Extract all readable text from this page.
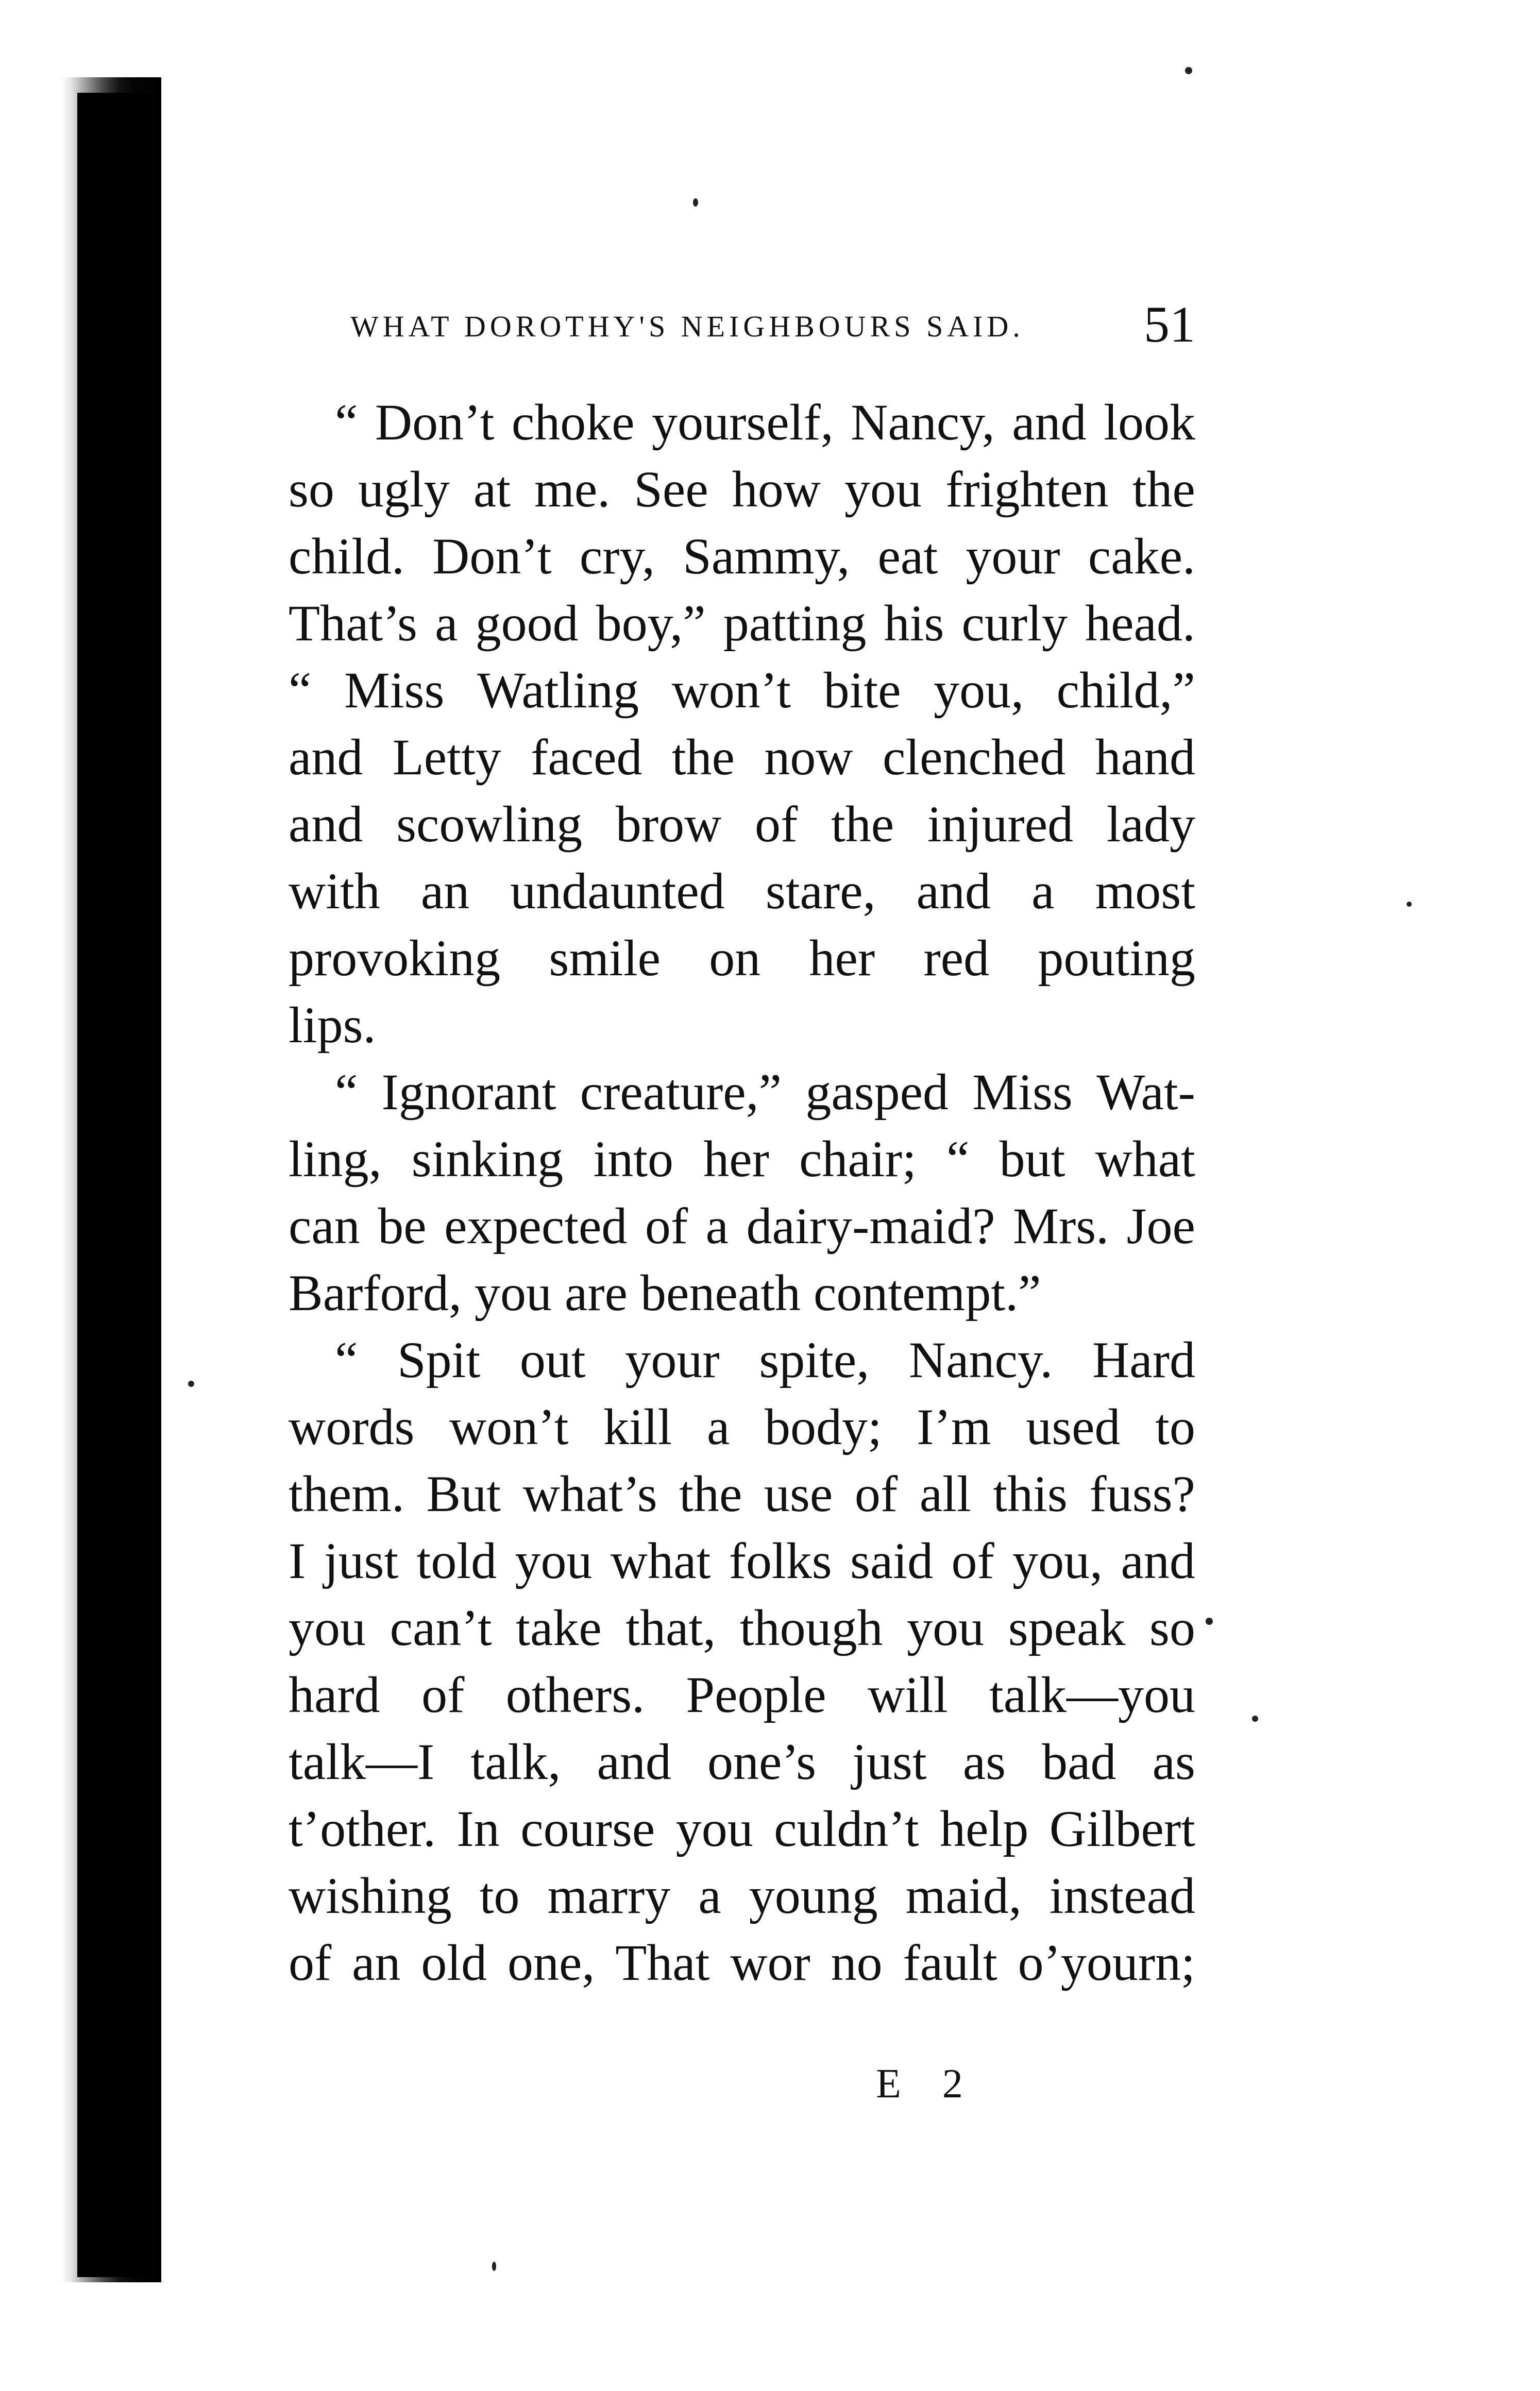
WHAT DOROTHY'S NEIGHBOURS SAID. 51
“ Don’t choke yourself, Nancy, and look
so ugly at me. See how you frighten the
child. Don’t cry, Sammy, eat your cake.
That’s a good boy,” patting his curly head.
“ Miss Watling won’t bite you, child,”
and Letty faced the now clenched hand
and scowling brow of the injured lady
with an undaunted stare, and a most
provoking smile on her red pouting
lips.
“ Ignorant creature,” gasped Miss Wat-
ling, sinking into her chair; “ but what
can be expected of a dairy-maid? Mrs. Joe
Barford, you are beneath contempt.”
“ Spit out your spite, Nancy. Hard
words won’t kill a body; I’m used to
them. But what’s the use of all this fuss?
I just told you what folks said of you, and
you can’t take that, though you speak so
hard of others. People will talk—you
talk—I talk, and one’s just as bad as
t’other. In course you culdn’t help Gilbert
wishing to marry a young maid, instead
of an old one, That wor no fault o’yourn;
E 2
